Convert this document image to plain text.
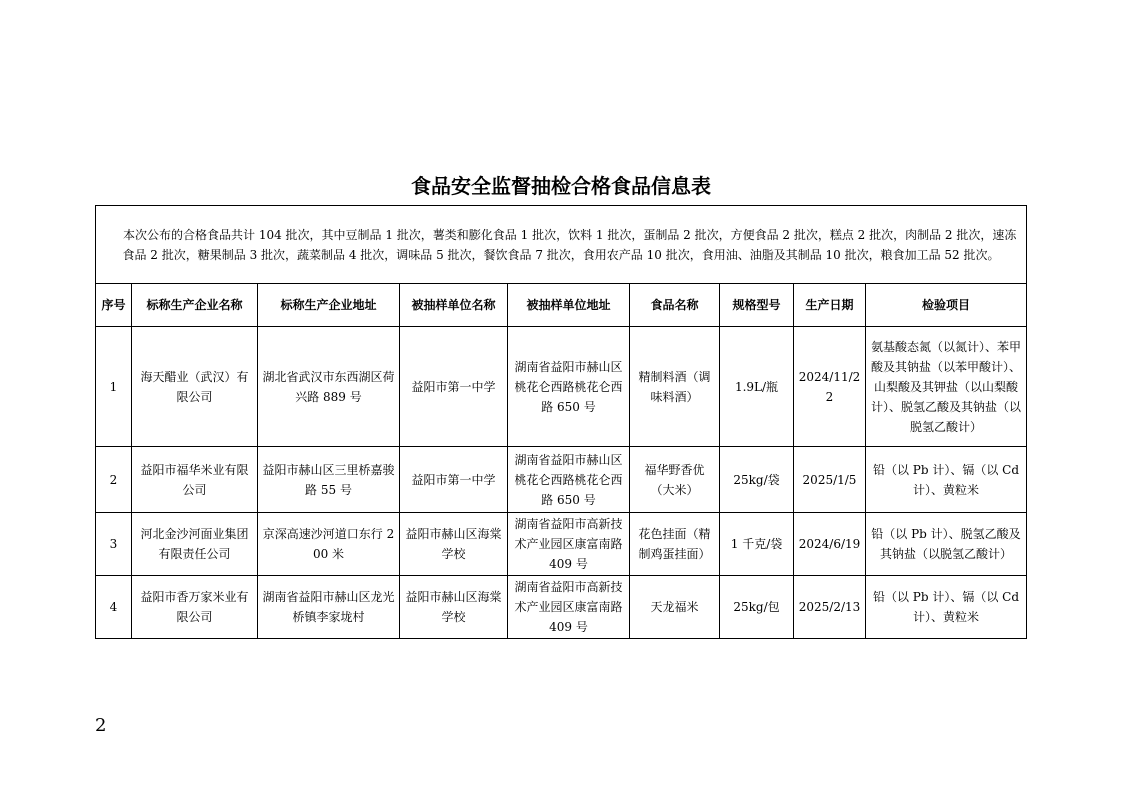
食品安全监督抽检合格食品信息表
本次公布的合格食品共计 104 批次，其中豆制品 1 批次，薯类和膨化食品 1 批次，饮料 1 批次，蛋制品 2 批次，方便食品 2 批次，糕点 2 批次，肉制品 2 批次，速冻食品 2 批次，糖果制品 3 批次，蔬菜制品 4 批次，调味品 5 批次，餐饮食品 7 批次，食用农产品 10 批次，食用油、油脂及其制品 10 批次，粮食加工品 52 批次。								

序号	标称生产企业名称	标称生产企业地址	被抽样单位名称	被抽样单位地址	食品名称	规格型号	生产日期	检验项目
1	海天醋业（武汉）有限公司	湖北省武汉市东西湖区荷兴路 889 号	益阳市第一中学	湖南省益阳市赫山区桃花仑西路桃花仑西路 650 号	精制料酒（调味料酒）	1.9L/瓶	2024/11/22	氨基酸态氮（以氮计）、苯甲酸及其钠盐（以苯甲酸计）、山梨酸及其钾盐（以山梨酸计）、脱氢乙酸及其钠盐（以脱氢乙酸计）
2	益阳市福华米业有限公司	益阳市赫山区三里桥嘉骏路 55 号	益阳市第一中学	湖南省益阳市赫山区桃花仑西路桃花仑西路 650 号	福华野香优（大米）	25kg/袋	2025/1/5	铅（以 Pb 计）、镉（以 Cd 计）、黄粒米
3	河北金沙河面业集团有限责任公司	京深高速沙河道口东行 200 米	益阳市赫山区海棠学校	湖南省益阳市高新技术产业园区康富南路 409 号	花色挂面（精制鸡蛋挂面）	1 千克/袋	2024/6/19	铅（以 Pb 计）、脱氢乙酸及其钠盐（以脱氢乙酸计）
4	益阳市香万家米业有限公司	湖南省益阳市赫山区龙光桥镇李家垅村	益阳市赫山区海棠学校	湖南省益阳市高新技术产业园区康富南路 409 号	天龙福米	25kg/包	2025/2/13	铅（以 Pb 计）、镉（以 Cd 计）、黄粒米
2
